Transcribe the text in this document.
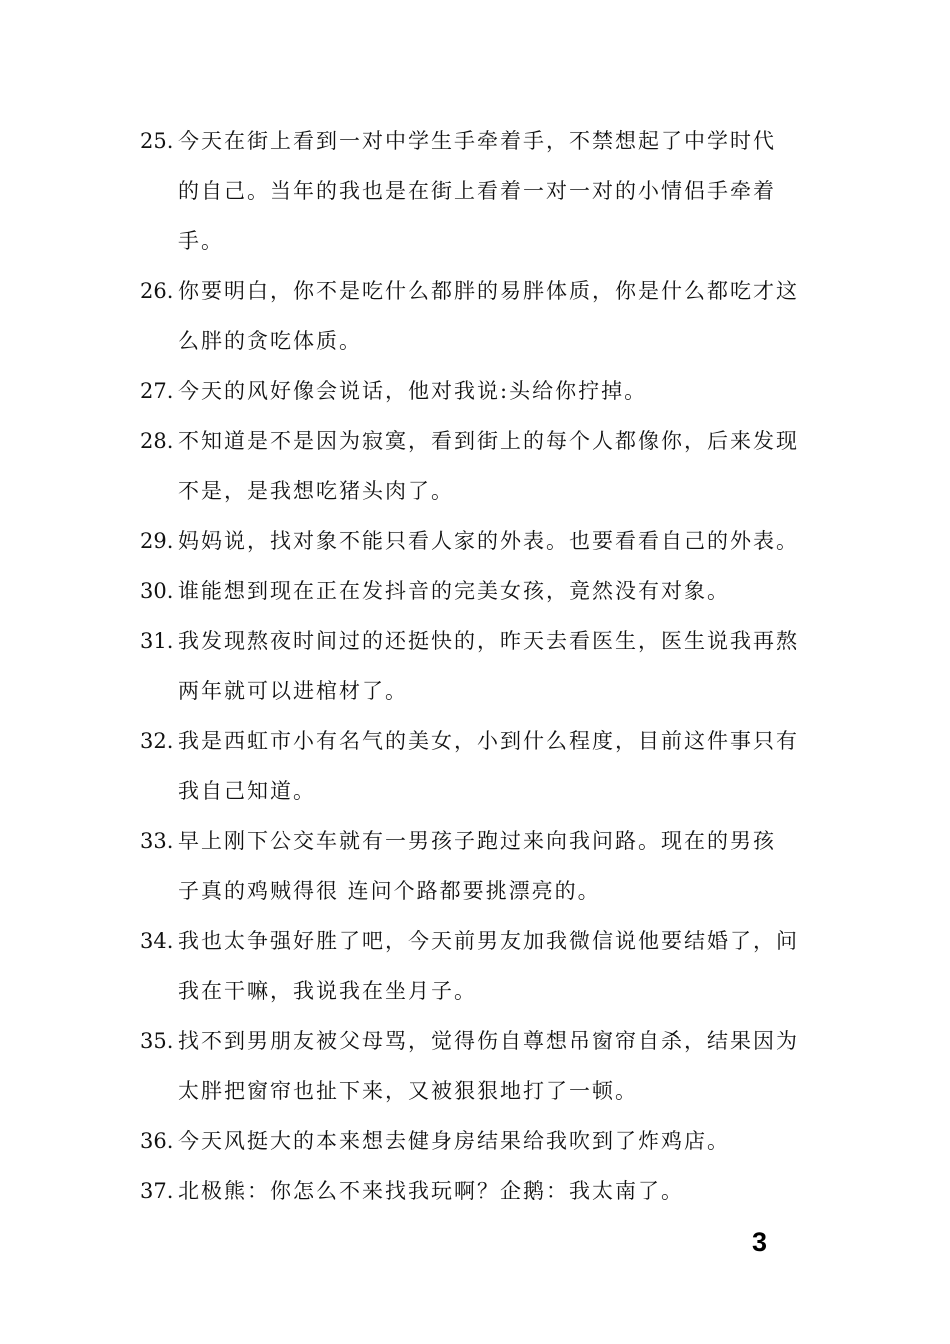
25. 今天在街上看到一对中学生手牵着手，不禁想起了中学时代
的自己。当年的我也是在街上看着一对一对的小情侣手牵着
手。
26. 你要明白，你不是吃什么都胖的易胖体质，你是什么都吃才这
么胖的贪吃体质。
27. 今天的风好像会说话，他对我说:头给你拧掉。
28. 不知道是不是因为寂寞，看到街上的每个人都像你，后来发现
不是，是我想吃猪头肉了。
29. 妈妈说，找对象不能只看人家的外表。也要看看自己的外表。
30. 谁能想到现在正在发抖音的完美女孩，竟然没有对象。
31. 我发现熬夜时间过的还挺快的，昨天去看医生，医生说我再熬
两年就可以进棺材了。
32. 我是西虹市小有名气的美女，小到什么程度，目前这件事只有
我自己知道。
33. 早上刚下公交车就有一男孩子跑过来向我问路。现在的男孩
子真的鸡贼得很 连问个路都要挑漂亮的。
34. 我也太争强好胜了吧，今天前男友加我微信说他要结婚了，问
我在干嘛，我说我在坐月子。
35. 找不到男朋友被父母骂，觉得伤自尊想吊窗帘自杀，结果因为
太胖把窗帘也扯下来，又被狠狠地打了一顿。
36. 今天风挺大的本来想去健身房结果给我吹到了炸鸡店。
37. 北极熊：你怎么不来找我玩啊？企鹅：我太南了。
3
